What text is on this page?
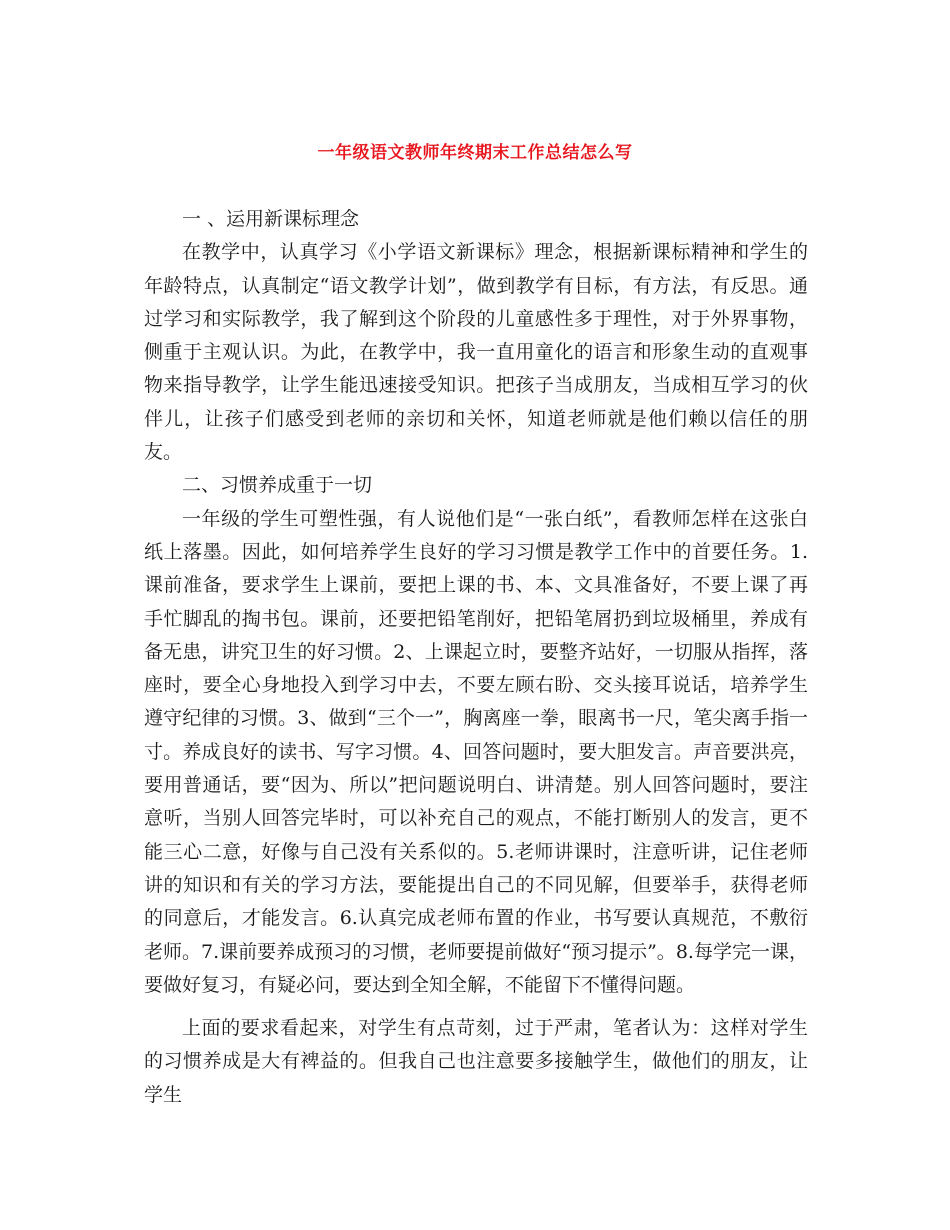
一年级语文教师年终期末工作总结怎么写

一 、运用新课标理念

在教学中，认真学习《小学语文新课标》理念，根据新课标精神和学生的年龄特点，认真制定“语文教学计划”，做到教学有目标，有方法，有反思。通过学习和实际教学，我了解到这个阶段的儿童感性多于理性，对于外界事物，侧重于主观认识。为此，在教学中，我一直用童化的语言和形象生动的直观事物来指导教学，让学生能迅速接受知识。把孩子当成朋友，当成相互学习的伙伴儿，让孩子们感受到老师的亲切和关怀，知道老师就是他们赖以信任的朋友。

二、习惯养成重于一切

一年级的学生可塑性强，有人说他们是“一张白纸”，看教师怎样在这张白纸上落墨。因此，如何培养学生良好的学习习惯是教学工作中的首要任务。1.课前准备，要求学生上课前，要把上课的书、本、文具准备好，不要上课了再手忙脚乱的掏书包。课前，还要把铅笔削好，把铅笔屑扔到垃圾桶里，养成有备无患，讲究卫生的好习惯。2、上课起立时，要整齐站好，一切服从指挥，落座时，要全心身地投入到学习中去，不要左顾右盼、交头接耳说话，培养学生遵守纪律的习惯。3、做到“三个一”，胸离座一拳，眼离书一尺，笔尖离手指一寸。养成良好的读书、写字习惯。4、回答问题时，要大胆发言。声音要洪亮，要用普通话，要“因为、所以”把问题说明白、讲清楚。别人回答问题时，要注意听，当别人回答完毕时，可以补充自己的观点，不能打断别人的发言，更不能三心二意，好像与自己没有关系似的。5.老师讲课时，注意听讲，记住老师讲的知识和有关的学习方法，要能提出自己的不同见解，但要举手，获得老师的同意后，才能发言。6.认真完成老师布置的作业，书写要认真规范，不敷衍老师。7.课前要养成预习的习惯，老师要提前做好“预习提示”。8.每学完一课，要做好复习，有疑必问，要达到全知全解，不能留下不懂得问题。

上面的要求看起来，对学生有点苛刻，过于严肃，笔者认为：这样对学生的习惯养成是大有裨益的。但我自己也注意要多接触学生，做他们的朋友，让学生
